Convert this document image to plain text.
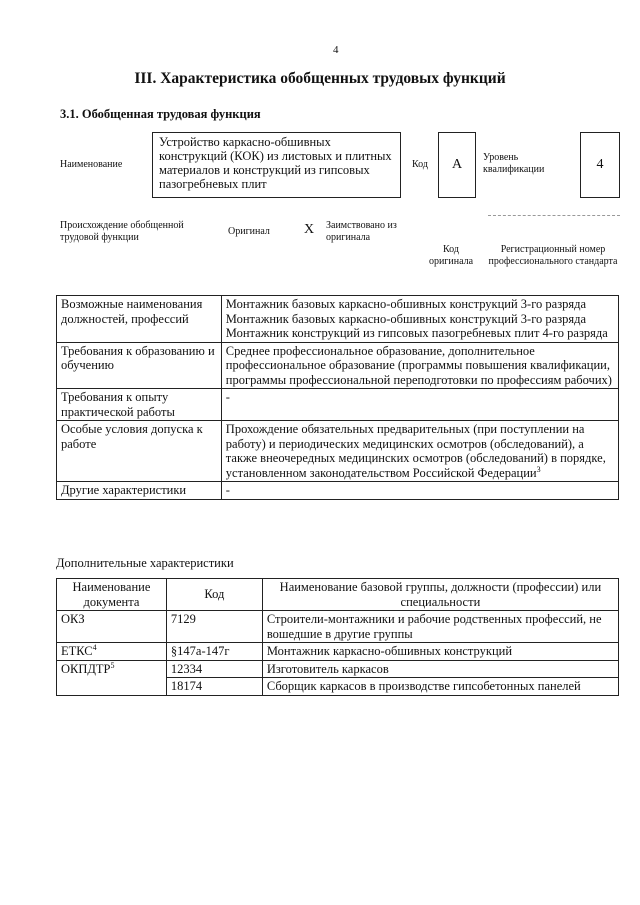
4
III. Характеристика обобщенных трудовых функций
3.1. Обобщенная трудовая функция
Наименование
Устройство каркасно-обшивных конструкций (КОК) из листовых и плитных материалов и конструкций из гипсовых пазогребневых плит
Код А Уровень квалификации	4
Происхождение обобщенной трудовой функции
Оригинал X Заимствовано из оригинала
Код оригинала
Регистрационный номер профессионального стандарта
Возможные наименования должностей, профессий	Монтажник базовых каркасно-обшивных конструкций 3-го разряда
Монтажник базовых каркасно-обшивных конструкций 3-го разряда
Монтажник конструкций из гипсовых пазогребневых плит 4-го разряда

Требования к образованию и обучению	Среднее профессиональное образование, дополнительное профессиональное образование (программы повышения квалификации, программы профессиональной переподготовки по профессиям рабочих)

Требования к опыту практической работы	-

Особые условия допуска к работе	Прохождение обязательных предварительных (при поступлении на работу) и периодических медицинских осмотров (обследований), а также внеочередных медицинских осмотров (обследований) в порядке, установленном законодательством Российской Федерации$^3$
Другие характеристики	-
Дополнительные характеристики
Наименование документа	Код	Наименование базовой группы, должности (профессии) или специальности
ОКЗ	7129	Строители-монтажники и рабочие родственных профессий, не вошедшие в другие группы
ЕТКС$^4$	§147а-147г	Монтажник каркасно-обшивных конструкций
ОКПДТР$^5$	12334	Изготовитель каркасов
	18174	Сборщик каркасов в производстве гипсобетонных панелей
